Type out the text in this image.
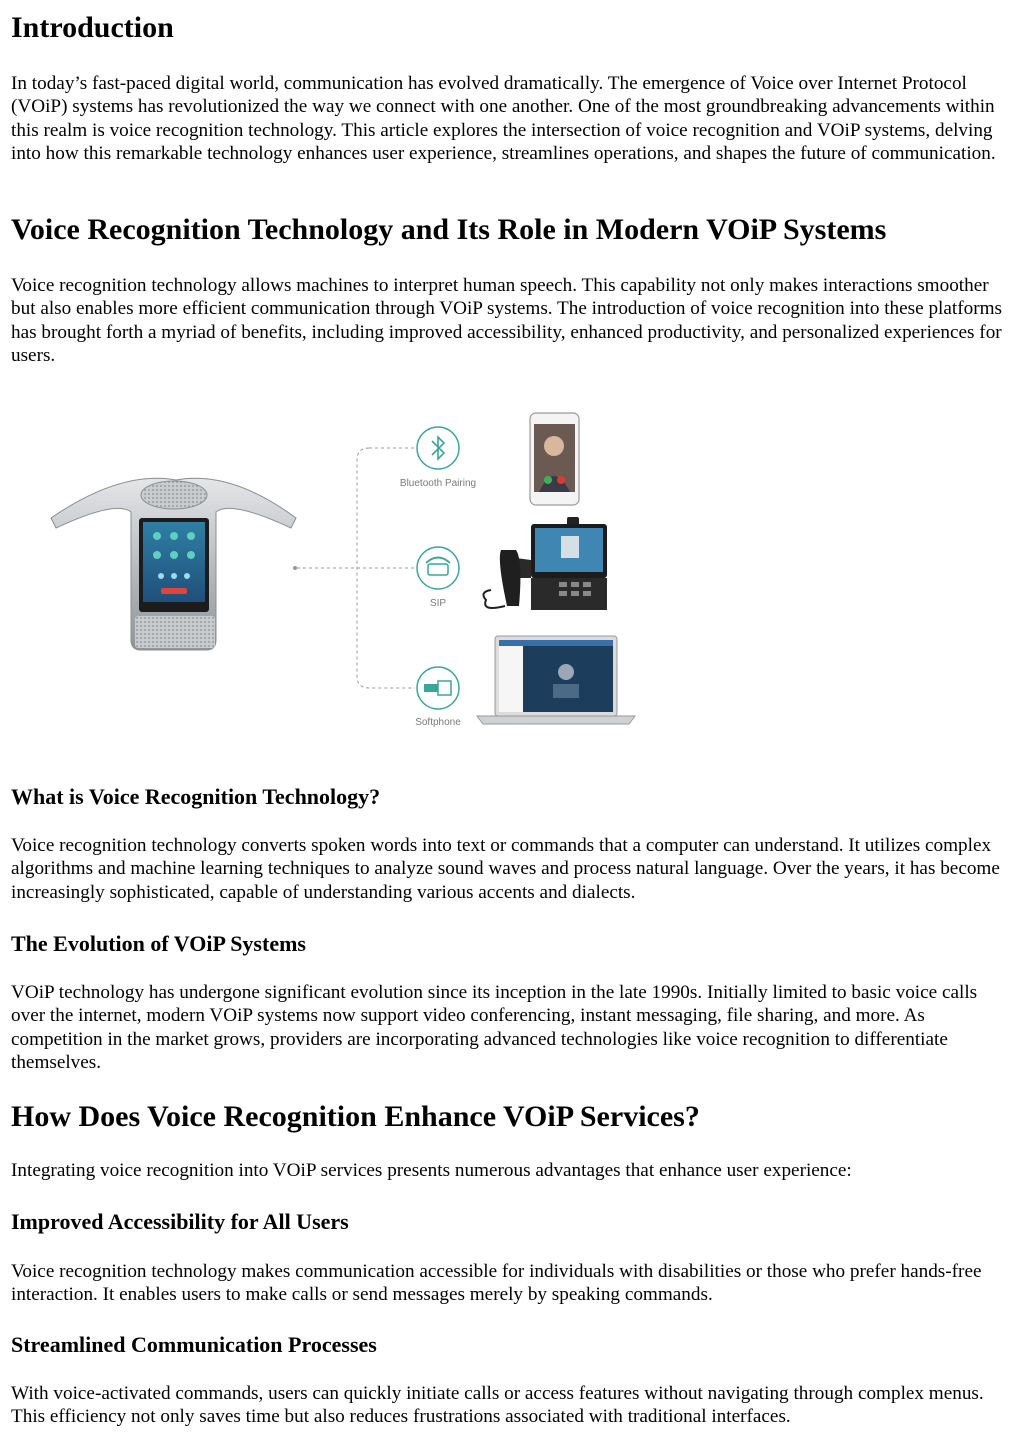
Introduction

In today’s fast-paced digital world, communication has evolved dramatically. The emergence of Voice over Internet Protocol (VOiP) systems has revolutionized the way we connect with one another. One of the most groundbreaking advancements within this realm is voice recognition technology. This article explores the intersection of voice recognition and VOiP systems, delving into how this remarkable technology enhances user experience, streamlines operations, and shapes the future of communication.

Voice Recognition Technology and Its Role in Modern VOiP Systems

Voice recognition technology allows machines to interpret human speech. This capability not only makes interactions smoother but also enables more efficient communication through VOiP systems. The introduction of voice recognition into these platforms has brought forth a myriad of benefits, including improved accessibility, enhanced productivity, and personalized experiences for users.

Bluetooth Pairing
SIP
Softphone
What is Voice Recognition Technology?

Voice recognition technology converts spoken words into text or commands that a computer can understand. It utilizes complex algorithms and machine learning techniques to analyze sound waves and process natural language. Over the years, it has become increasingly sophisticated, capable of understanding various accents and dialects.

The Evolution of VOiP Systems

VOiP technology has undergone significant evolution since its inception in the late 1990s. Initially limited to basic voice calls over the internet, modern VOiP systems now support video conferencing, instant messaging, file sharing, and more. As competition in the market grows, providers are incorporating advanced technologies like voice recognition to differentiate themselves.

How Does Voice Recognition Enhance VOiP Services?

Integrating voice recognition into VOiP services presents numerous advantages that enhance user experience:

Improved Accessibility for All Users

Voice recognition technology makes communication accessible for individuals with disabilities or those who prefer hands-free interaction. It enables users to make calls or send messages merely by speaking commands.

Streamlined Communication Processes

With voice-activated commands, users can quickly initiate calls or access features without navigating through complex menus. This efficiency not only saves time but also reduces frustrations associated with traditional interfaces.
